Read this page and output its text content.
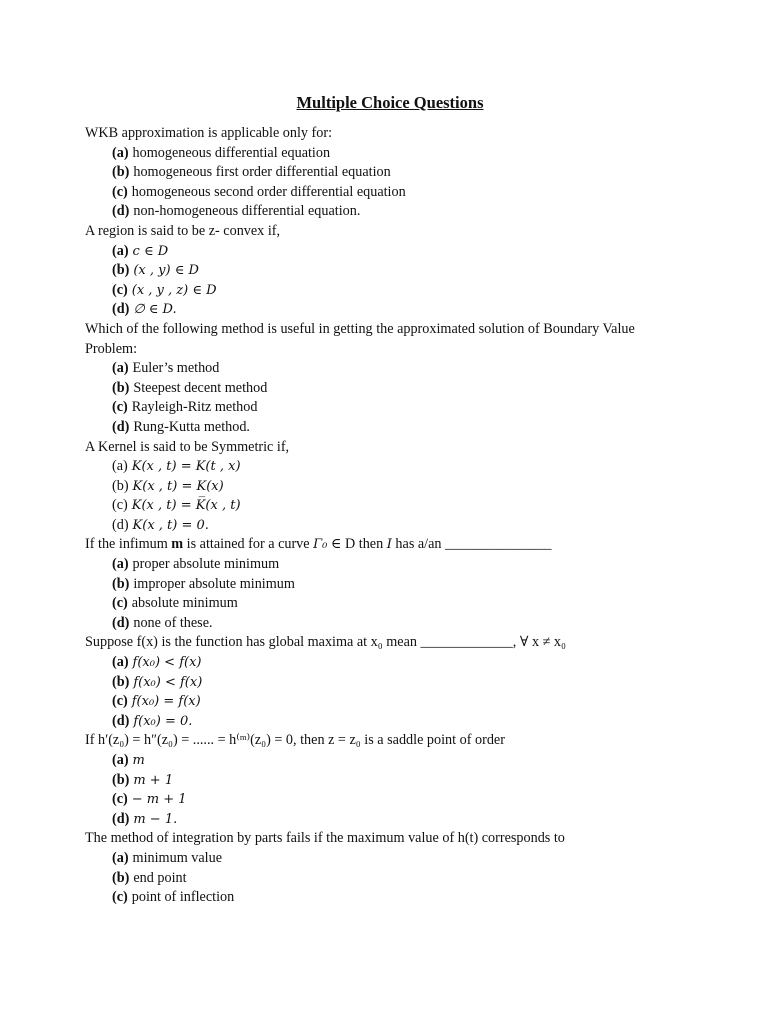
Multiple Choice Questions
WKB approximation is applicable only for:
(a) homogeneous differential equation
(b) homogeneous first order differential equation
(c) homogeneous second order differential equation
(d) non-homogeneous differential equation.
A region is said to be z- convex if,
(a) c ∈ D
(b) (x , y) ∈ D
(c) (x , y , z) ∈ D
(d) ∅ ∈ D.
Which of the following method is useful in getting the approximated solution of Boundary Value Problem:
(a) Euler’s method
(b) Steepest decent method
(c) Rayleigh-Ritz method
(d) Rung-Kutta method.
A Kernel is said to be Symmetric if,
(a) K(x , t) = K(t , x)
(b) K(x , t) = K(x)
(c) K(x , t) = K̅(x , t)
(d) K(x , t) = 0.
If the infimum m is attained for a curve Γ₀ ∈ D then I has a/an _______________
(a) proper absolute minimum
(b) improper absolute minimum
(c) absolute minimum
(d) none of these.
Suppose f(x) is the function has global maxima at x₀ mean _____________, ∀ x ≠ x₀
(a) f(x₀) < f(x)
(b) f(x₀) < f(x)
(c) f(x₀) = f(x)
(d) f(x₀) = 0.
If h′(z₀) = h″(z₀) = ...... = h⁽ᵐ⁾(z₀) = 0, then z = z₀ is a saddle point of order
(a) m
(b) m + 1
(c) − m + 1
(d) m − 1.
The method of integration by parts fails if the maximum value of h(t) corresponds to
(a) minimum value
(b) end point
(c) point of inflection
